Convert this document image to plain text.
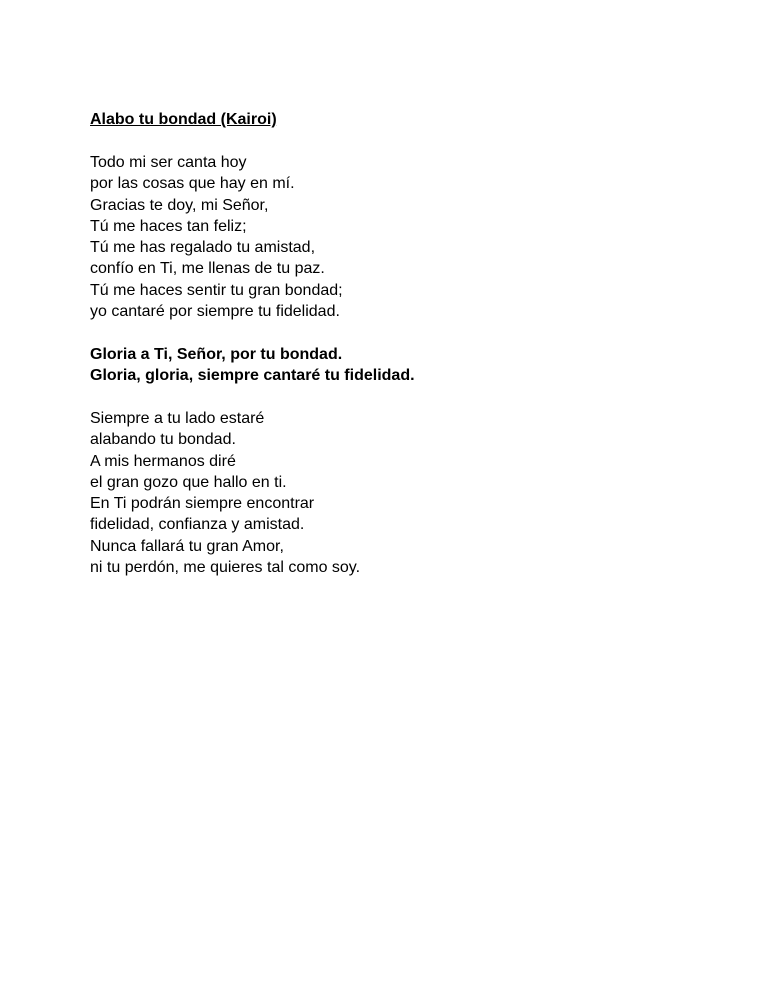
Alabo tu bondad (Kairoi)
Todo mi ser canta hoy
por las cosas que hay en mí.
Gracias te doy, mi Señor,
Tú me haces tan feliz;
Tú me has regalado tu amistad,
confío en Ti, me llenas de tu paz.
Tú me haces sentir tu gran bondad;
yo cantaré por siempre tu fidelidad.
Gloria a Ti, Señor, por tu bondad.
Gloria, gloria, siempre cantaré tu fidelidad.
Siempre a tu lado estaré
alabando tu bondad.
A mis hermanos diré
el gran gozo que hallo en ti.
En Ti podrán siempre encontrar
fidelidad, confianza y amistad.
Nunca fallará tu gran Amor,
ni tu perdón, me quieres tal como soy.
